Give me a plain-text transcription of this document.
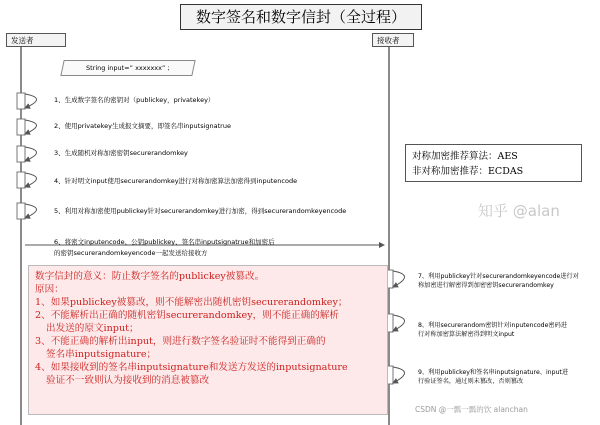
数字签名和数字信封（全过程）
发送者	接收者
String input=” xxxxxxx” ;
1、生成数字签名的密钥对（publickey，privatekey）
2、使用privatekey生成报文摘要，即签名串inputsignatrue
3、生成随机对称加密密钥securerandomkey
4、针对明文input使用securerandomkey进行对称加密算法加密得到inputencode
5、利用对称加密使用publickey针对securerandomkey进行加密，得到securerandomkeyencode
6、将密文inputencode、公钥publickey、签名串inputsignatrue和加密后
的密钥securerandomkeyencode一起发送给接收方
对称加密推荐算法：AES
非对称加密推荐：ECDAS
7、利用publickey针对securerandomkeyencode进行对
称加密进行解密得到加密密钥securerandomkey
8、利用securerandom密钥针对inputencode密码进
行对称加密算法解密得到明文input
9、利用publickey和签名串inputsignature、input进
行验证签名，通过则未篡改，否则篡改
数字信封的意义：防止数字签名的publickey被篡改。
原因：
1、如果publickey被篡改，则不能解密出随机密钥securerandomkey；
2、不能解析出正确的随机密钥securerandomkey，则不能正确的解析
出发送的原文input；
3、不能正确的解析出input，则进行数字签名验证时不能得到正确的
签名串inputsignature；
4、如果接收到的签名串inputsignature和发送方发送的inputsignature
验证不一致则认为接收到的消息被篡改
知乎 @alan
CSDN @一瓢一瓢的饮 alanchan
